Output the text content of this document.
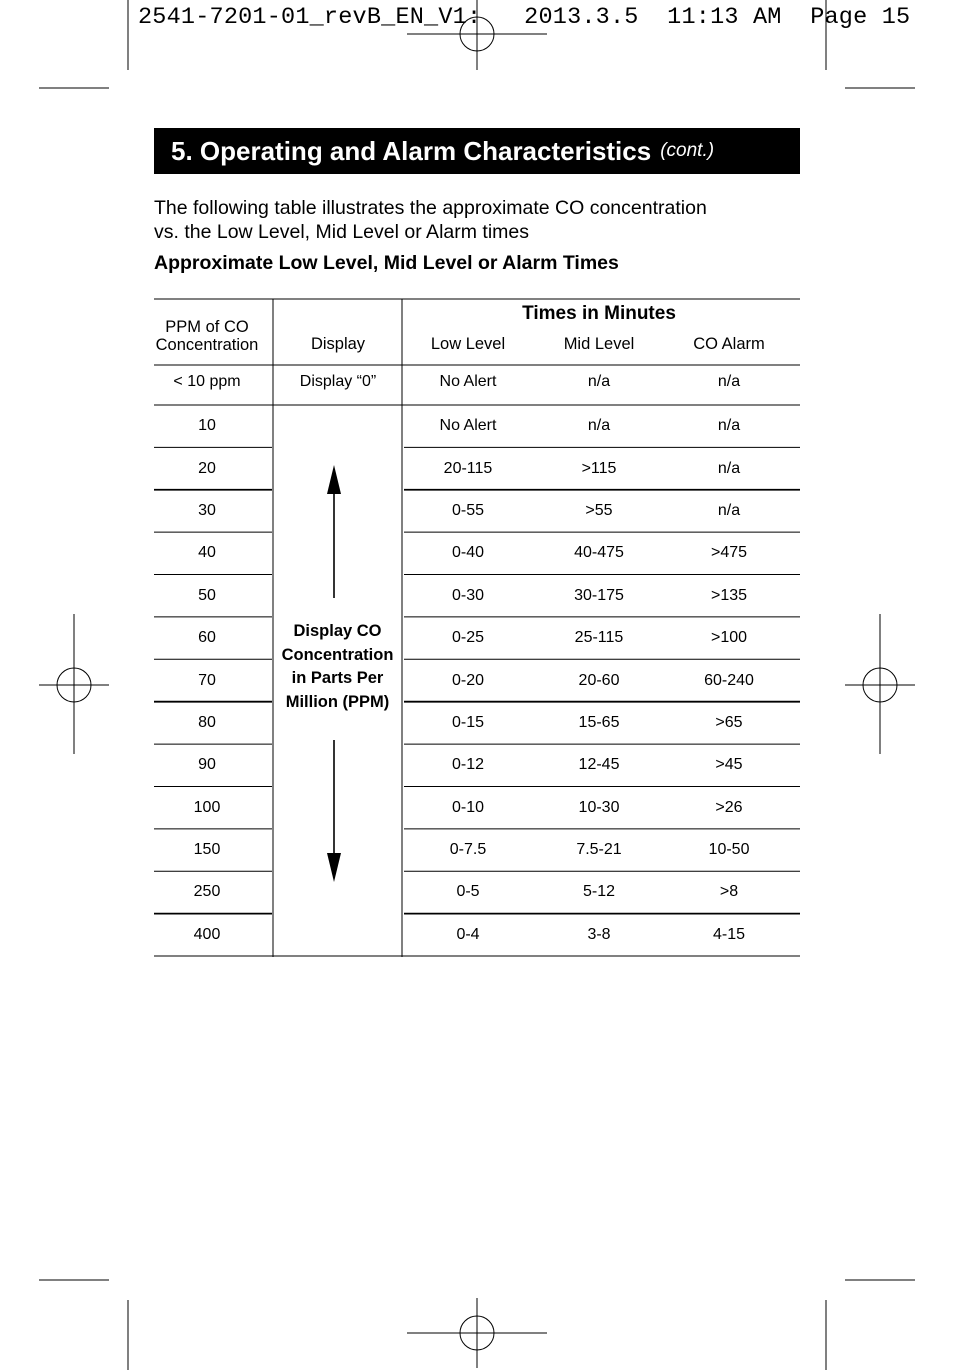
2541-7201-01_revB_EN_V1:   2013.3.5  11:13 AM  Page 15
5. Operating and Alarm Characteristics (cont.)
The following table illustrates the approximate CO concentration
vs. the Low Level, Mid Level or Alarm times
Approximate Low Level, Mid Level or Alarm Times
PPM of CO
Concentration	Display
Times in Minutes
Low Level	Mid Level	CO Alarm
< 10 ppm	Display “0”	No Alert	n/a	n/a
Display CO
Concentration
in Parts Per
Million (PPM)
10	No Alert	n/a	n/a
20	20-115	>115	n/a
30	0-55	>55	n/a
40	0-40	40-475	>475
50	0-30	30-175	>135
60	0-25	25-115	>100
70	0-20	20-60	60-240
80	0-15	15-65	>65
90	0-12	12-45	>45
100	0-10	10-30	>26
150	0-7.5	7.5-21	10-50
250	0-5	5-12	>8
400	0-4	3-8	4-15
